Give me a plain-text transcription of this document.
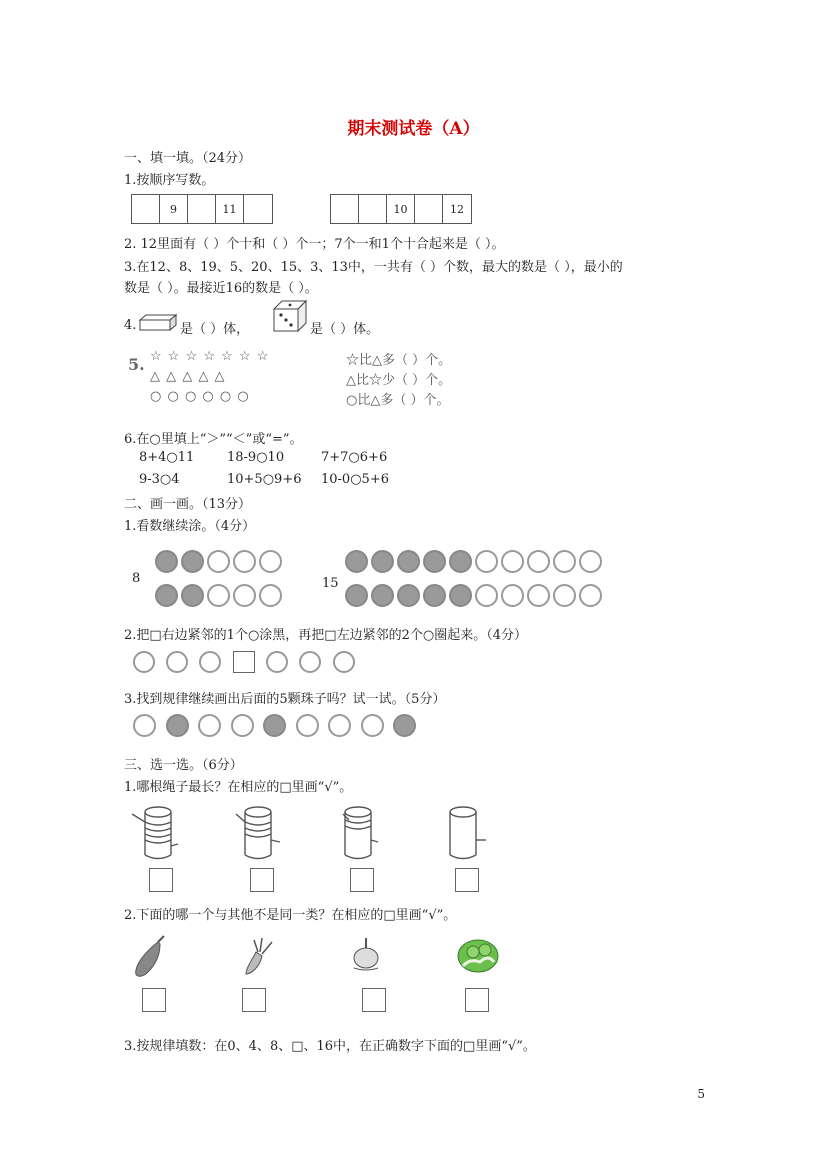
期末测试卷（A）
一、填一填。（24分）
1.按顺序写数。
9	11	10	12
2. 12里面有（ ）个十和（ ）个一；7个一和1个十合起来是（ ）。
3.在12、8、19、5、20、15、3、13中，一共有（ ）个数，最大的数是（ ），最小的
数是（ ）。最接近16的数是（ ）。
4.	是（ ）体，	是（ ）体。
5. ☆ ☆ ☆ ☆ ☆ ☆ ☆	☆比△多（ ）个。
△ △ △ △ △	△比☆少（ ）个。
○ ○ ○ ○ ○ ○	○比△多（ ）个。
6.在○里填上“＞”“＜”或“=”。
8+4○11	18-9○10	7+7○6+6
9-3○4	10+5○9+6 10-0○5+6
二、画一画。（13分）
1.看数继续涂。（4分）
8	15
2.把□右边紧邻的1个○涂黑，再把□左边紧邻的2个○圈起来。（4分）
3.找到规律继续画出后面的5颗珠子吗？试一试。（5分）
三、选一选。（6分）
1.哪根绳子最长？在相应的□里画“√”。
2.下面的哪一个与其他不是同一类？在相应的□里画“√”。
3.按规律填数：在0、4、8、□、16中，在正确数字下面的□里画“√”。
5
